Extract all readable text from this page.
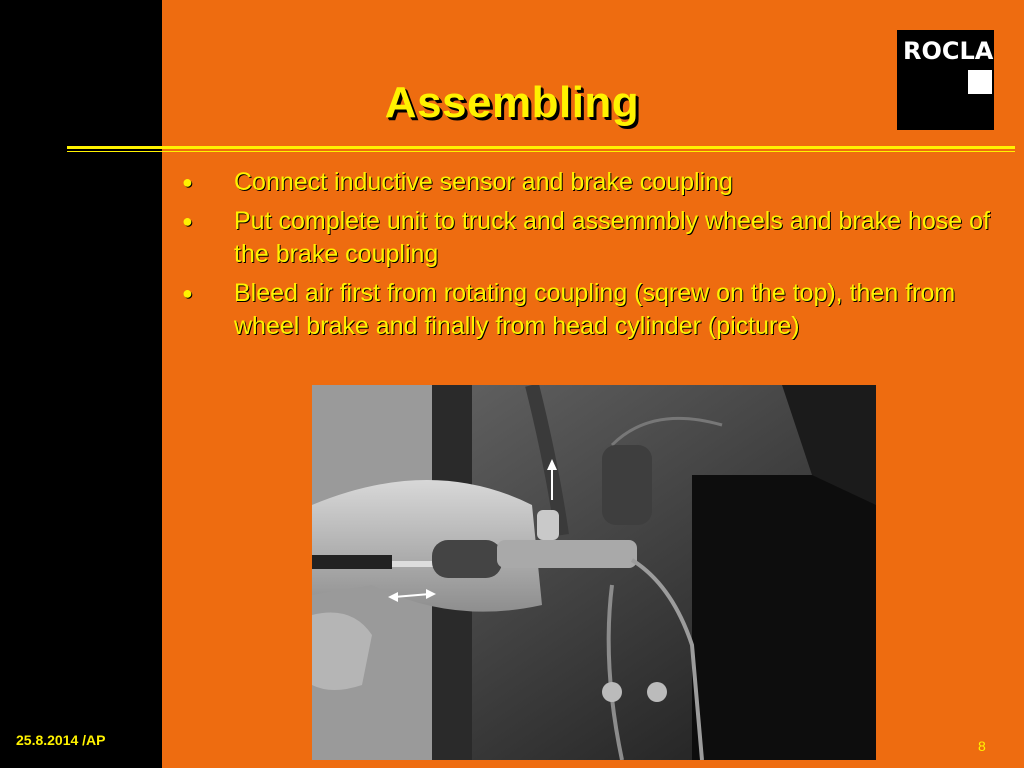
Assembling
ROCLA
● Connect inductive sensor and brake coupling
● Put complete unit to truck and assemmbly wheels and brake hose of the brake coupling
● Bleed air first from rotating coupling (sqrew on the top), then from wheel brake and finally from head cylinder (picture)
25.8.2014 /AP	8
